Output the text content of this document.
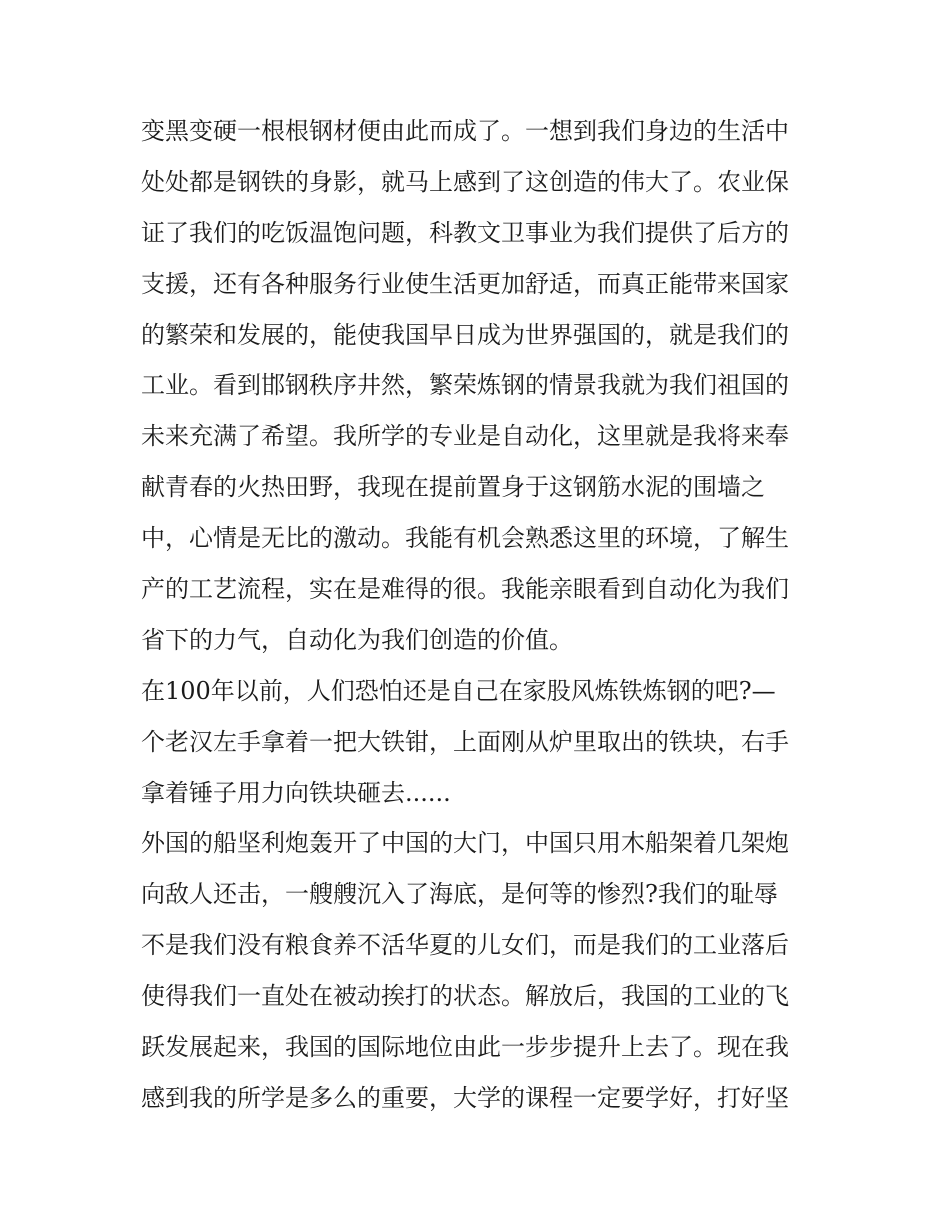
变黑变硬一根根钢材便由此而成了。一想到我们身边的生活中
处处都是钢铁的身影，就马上感到了这创造的伟大了。农业保
证了我们的吃饭温饱问题，科教文卫事业为我们提供了后方的
支援，还有各种服务行业使生活更加舒适，而真正能带来国家
的繁荣和发展的，能使我国早日成为世界强国的，就是我们的
工业。看到邯钢秩序井然，繁荣炼钢的情景我就为我们祖国的
未来充满了希望。我所学的专业是自动化，这里就是我将来奉
献青春的火热田野，我现在提前置身于这钢筋水泥的围墙之
中，心情是无比的激动。我能有机会熟悉这里的环境，了解生
产的工艺流程，实在是难得的很。我能亲眼看到自动化为我们
省下的力气，自动化为我们创造的价值。
在100年以前，人们恐怕还是自己在家股风炼铁炼钢的吧?—
个老汉左手拿着一把大铁钳，上面刚从炉里取出的铁块，右手
拿着锤子用力向铁块砸去......
外国的船坚利炮轰开了中国的大门，中国只用木船架着几架炮
向敌人还击，一艘艘沉入了海底，是何等的惨烈?我们的耻辱
不是我们没有粮食养不活华夏的儿女们，而是我们的工业落后
使得我们一直处在被动挨打的状态。解放后，我国的工业的飞
跃发展起来，我国的国际地位由此一步步提升上去了。现在我
感到我的所学是多么的重要，大学的课程一定要学好，打好坚
